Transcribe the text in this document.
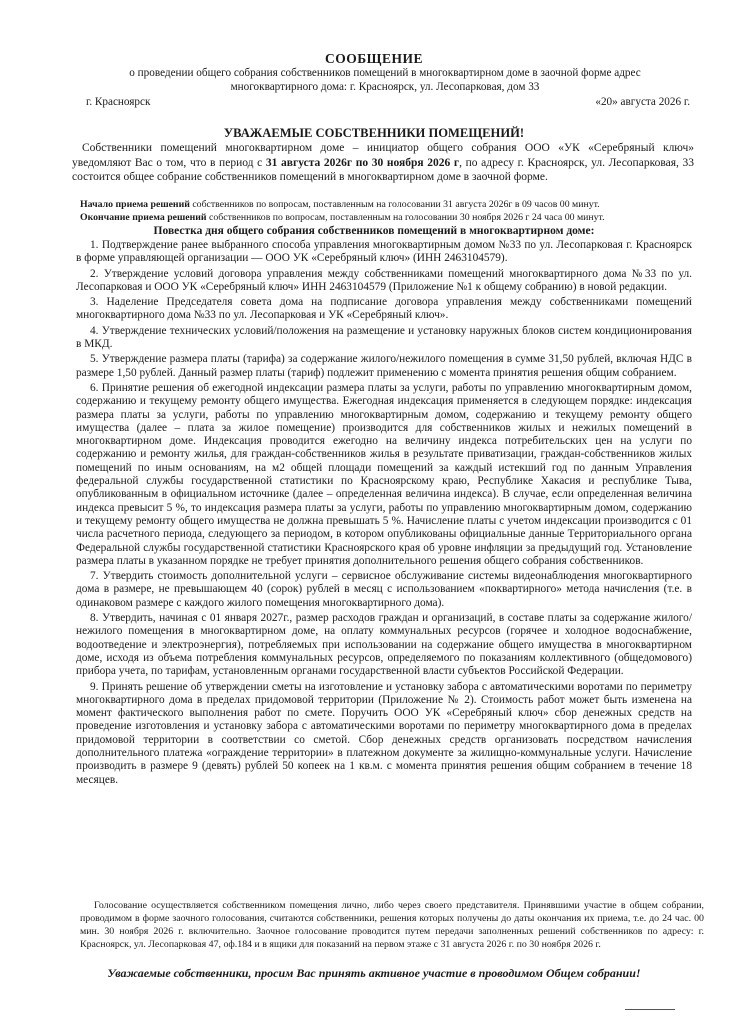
СООБЩЕНИЕ
о проведении общего собрания собственников помещений в многоквартирном доме в заочной форме адрес многоквартирного дома: г. Красноярск, ул. Лесопарковая, дом 33
г. Красноярск	«20» августа 2026 г.
УВАЖАЕМЫЕ СОБСТВЕННИКИ ПОМЕЩЕНИЙ!
Собственники помещений многоквартирном доме – инициатор общего собрания ООО «УК «Серебряный ключ» уведомляют Вас о том, что в период с 31 августа 2026г по 30 ноября 2026 г, по адресу г. Красноярск, ул. Лесопарковая, 33 состоится общее собрание собственников помещений в многоквартирном доме в заочной форме.
Начало приема решений собственников по вопросам, поставленным на голосовании 31 августа 2026г в 09 часов 00 минут.
Окончание приема решений собственников по вопросам, поставленным на голосовании 30 ноября 2026 г 24 часа 00 минут.
Повестка дня общего собрания собственников помещений в многоквартирном доме:

1. Подтверждение ранее выбранного способа управления многоквартирным домом №33 по ул. Лесопарковая г. Красноярск в форме управляющей организации — ООО УК «Серебряный ключ» (ИНН 2463104579).

2. Утверждение условий договора управления между собственниками помещений многоквартирного дома №33 по ул. Лесопарковая и ООО УК «Серебряный ключ» ИНН 2463104579 (Приложение №1 к общему собранию) в новой редакции.

3. Наделение Председателя совета дома на подписание договора управления между собственниками помещений многоквартирного дома №33 по ул. Лесопарковая и УК «Серебряный ключ».

4. Утверждение технических условий/положения на размещение и установку наружных блоков систем кондиционирования в МКД.

5. Утверждение размера платы (тарифа) за содержание жилого/нежилого помещения в сумме 31,50 рублей, включая НДС в размере 1,50 рублей. Данный размер платы (тариф) подлежит применению с момента принятия решения общим собранием.

6. Принятие решения об ежегодной индексации размера платы за услуги, работы по управлению многоквартирным домом, содержанию и текущему ремонту общего имущества. Ежегодная индексация применяется в следующем порядке: индексация размера платы за услуги, работы по управлению многоквартирным домом, содержанию и текущему ремонту общего имущества (далее – плата за жилое помещение) производится для собственников жилых и нежилых помещений в многоквартирном доме. Индексация проводится ежегодно на величину индекса потребительских цен на услуги по содержанию и ремонту жилья, для граждан-собственников жилья в результате приватизации, граждан-собственников жилых помещений по иным основаниям, на м2 общей площади помещений за каждый истекший год по данным Управления федеральной службы государственной статистики по Красноярскому краю, Республике Хакасия и республике Тыва, опубликованным в официальном источнике (далее – определенная величина индекса). В случае, если определенная величина индекса превысит 5 %, то индексация размера платы за услуги, работы по управлению многоквартирным домом, содержанию и текущему ремонту общего имущества не должна превышать 5 %. Начисление платы с учетом индексации производится с 01 числа расчетного периода, следующего за периодом, в котором опубликованы официальные данные Территориального органа Федеральной службы государственной статистики Красноярского края об уровне инфляции за предыдущий год. Установление размера платы в указанном порядке не требует принятия дополнительного решения общего собрания собственников.

7. Утвердить стоимость дополнительной услуги – сервисное обслуживание системы видеонаблюдения многоквартирного дома в размере, не превышающем 40 (сорок) рублей в месяц с использованием «поквартирного» метода начисления (т.е. в одинаковом размере с каждого жилого помещения многоквартирного дома).

8. Утвердить, начиная с 01 января 2027г., размер расходов граждан и организаций, в составе платы за содержание жилого/нежилого помещения в многоквартирном доме, на оплату коммунальных ресурсов (горячее и холодное водоснабжение, водоотведение и электроэнергия), потребляемых при использовании на содержание общего имущества в многоквартирном доме, исходя из объема потребления коммунальных ресурсов, определяемого по показаниям коллективного (общедомового) прибора учета, по тарифам, установленным органами государственной власти субъектов Российской Федерации.

9. Принять решение об утверждении сметы на изготовление и установку забора с автоматическими воротами по периметру многоквартирного дома в пределах придомовой территории (Приложение № 2). Стоимость работ может быть изменена на момент фактического выполнения работ по смете. Поручить ООО УК «Серебряный ключ» сбор денежных средств на проведение изготовления и установку забора с автоматическими воротами по периметру многоквартирного дома в пределах придомовой территории в соответствии со сметой. Сбор денежных средств организовать посредством начисления дополнительного платежа «ограждение территории» в платежном документе за жилищно-коммунальные услуги. Начисление производить в размере 9 (девять) рублей 50 копеек на 1 кв.м. с момента принятия решения общим собранием в течение 18 месяцев.

Голосование осуществляется собственником помещения лично, либо через своего представителя. Принявшими участие в общем собрании, проводимом в форме заочного голосования, считаются собственники, решения которых получены до даты окончания их приема, т.е. до 24 час. 00 мин. 30 ноября 2026 г. включительно. Заочное голосование проводится путем передачи заполненных решений собственников по адресу: г. Красноярск, ул. Лесопарковая 47, оф.184 и в ящики для показаний на первом этаже с 31 августа 2026 г. по 30 ноября 2026 г.
Уважаемые собственники, просим Вас принять активное участие в проводимом Общем собрании!
